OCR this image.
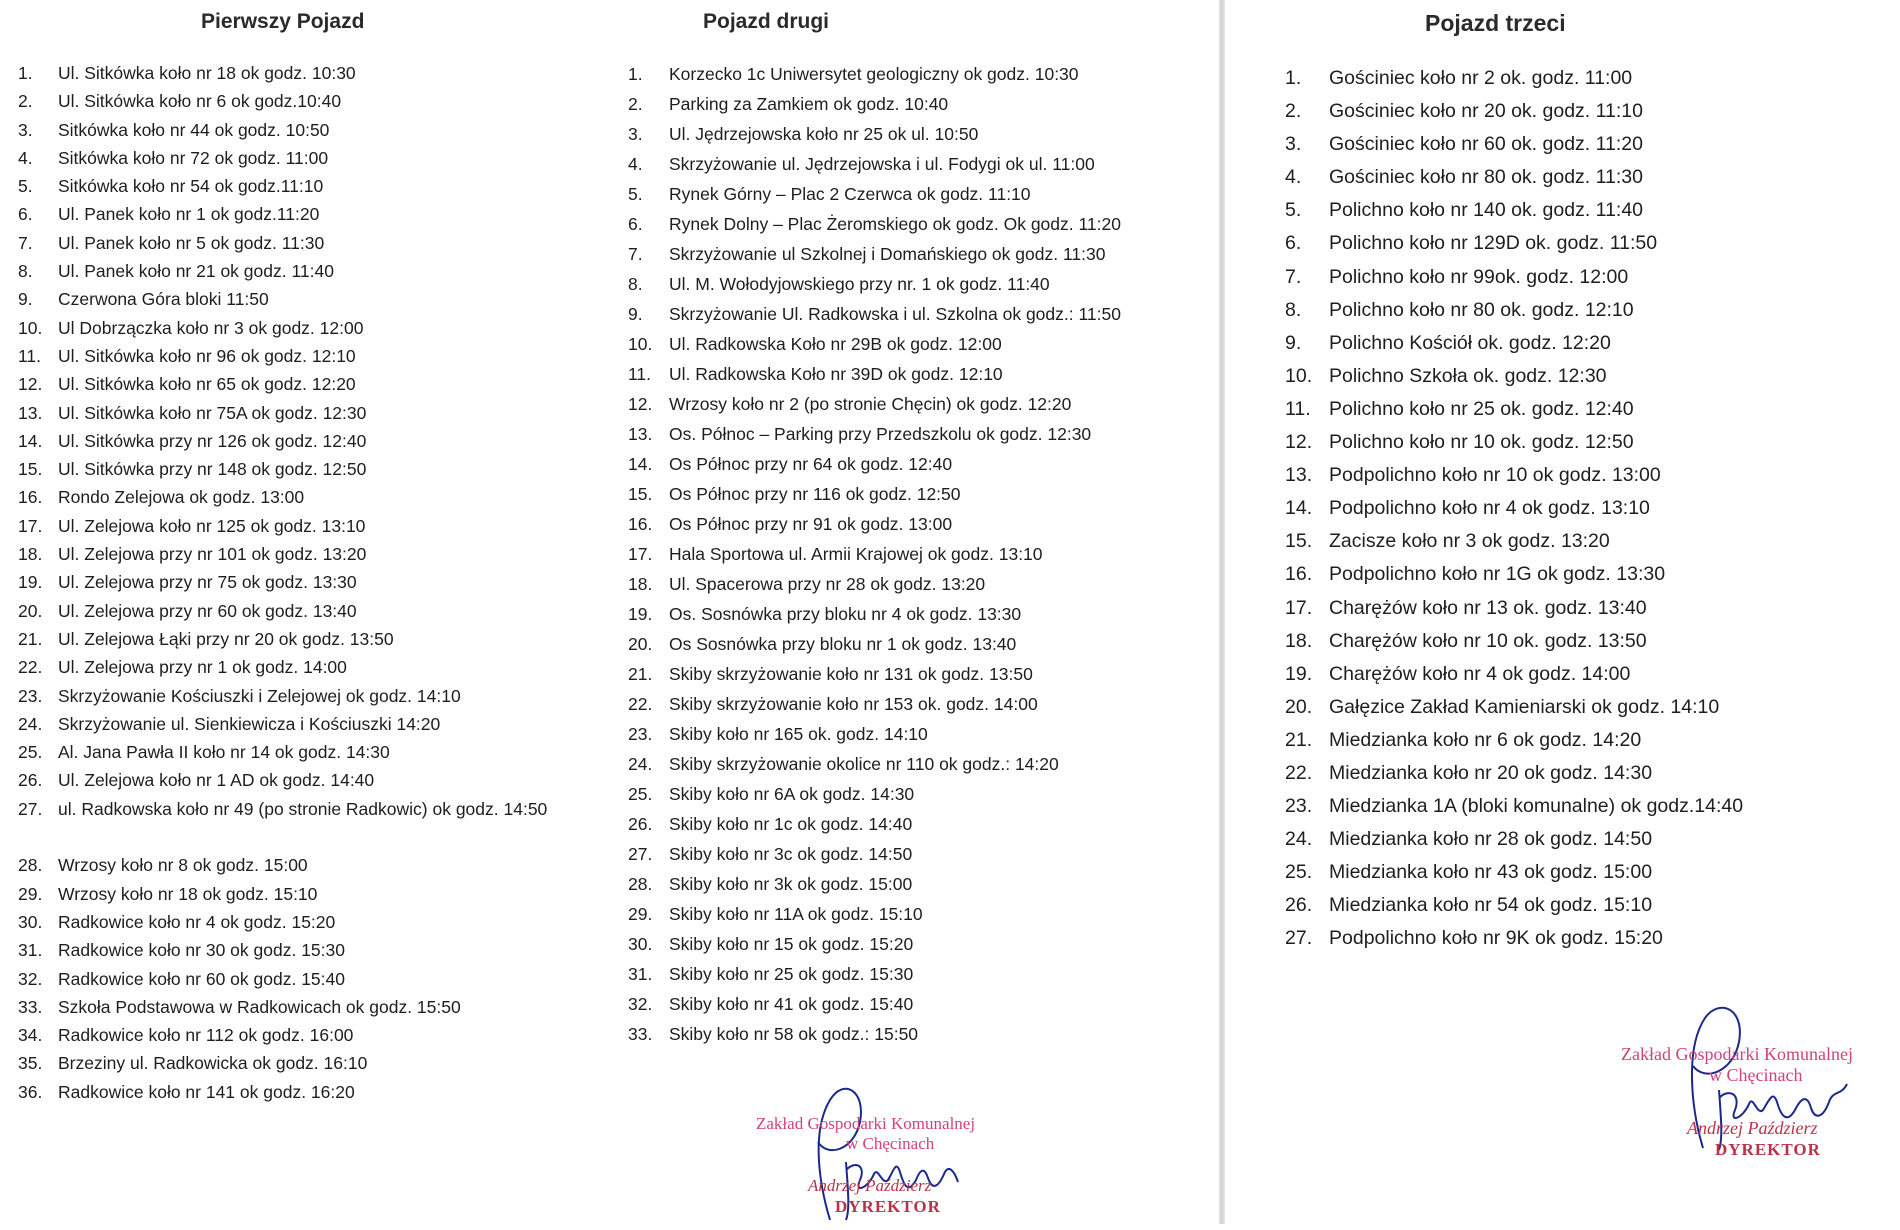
Pierwszy Pojazd
1.	Ul. Sitkówka koło nr 18 ok godz. 10:30
2.	Ul. Sitkówka koło nr 6 ok godz.10:40
3.	Sitkówka koło nr 44 ok godz. 10:50
4.	Sitkówka koło nr 72 ok godz. 11:00
5.	Sitkówka koło nr 54 ok godz.11:10
6.	Ul. Panek koło nr 1 ok godz.11:20
7.	Ul. Panek koło nr 5 ok godz. 11:30
8.	Ul. Panek koło nr 21 ok godz. 11:40
9.	Czerwona Góra bloki 11:50
10. Ul Dobrzączka koło nr 3 ok godz. 12:00
11. Ul. Sitkówka koło nr 96 ok godz. 12:10
12. Ul. Sitkówka koło nr 65 ok godz. 12:20
13. Ul. Sitkówka koło nr 75A ok godz. 12:30
14. Ul. Sitkówka przy nr 126 ok godz. 12:40
15. Ul. Sitkówka przy nr 148 ok godz. 12:50
16. Rondo Zelejowa ok godz. 13:00
17. Ul. Zelejowa koło nr 125 ok godz. 13:10
18. Ul. Zelejowa przy nr 101 ok godz. 13:20
19. Ul. Zelejowa przy nr 75 ok godz. 13:30
20. Ul. Zelejowa przy nr 60 ok godz. 13:40
21. Ul. Zelejowa Łąki przy nr 20 ok godz. 13:50
22. Ul. Zelejowa przy nr 1 ok godz. 14:00
23. Skrzyżowanie Kościuszki i Zelejowej ok godz. 14:10
24. Skrzyżowanie ul. Sienkiewicza i Kościuszki 14:20
25. Al. Jana Pawła II koło nr 14 ok godz. 14:30
26. Ul. Zelejowa koło nr 1 AD ok godz. 14:40
27. ul. Radkowska koło nr 49 (po stronie Radkowic) ok godz. 14:50
28. Wrzosy koło nr 8 ok godz. 15:00
29. Wrzosy koło nr 18 ok godz. 15:10
30. Radkowice koło nr 4 ok godz. 15:20
31. Radkowice koło nr 30 ok godz. 15:30
32. Radkowice koło nr 60 ok godz. 15:40
33. Szkoła Podstawowa w Radkowicach ok godz. 15:50
34. Radkowice koło nr 112 ok godz. 16:00
35. Brzeziny ul. Radkowicka ok godz. 16:10
36. Radkowice koło nr 141 ok godz. 16:20
Pojazd drugi
1.	Korzecko 1c Uniwersytet geologiczny ok godz. 10:30
2.	Parking za Zamkiem ok godz. 10:40
3.	Ul. Jędrzejowska koło nr 25 ok ul. 10:50
4.	Skrzyżowanie ul. Jędrzejowska i ul. Fodygi ok ul. 11:00
5.	Rynek Górny – Plac 2 Czerwca ok godz. 11:10
6.	Rynek Dolny – Plac Żeromskiego ok godz. Ok godz. 11:20
7.	Skrzyżowanie ul Szkolnej i Domańskiego ok godz. 11:30
8.	Ul. M. Wołodyjowskiego przy nr. 1 ok godz. 11:40
9.	Skrzyżowanie Ul. Radkowska i ul. Szkolna ok godz.: 11:50
10. Ul. Radkowska Koło nr 29B ok godz. 12:00
11.	Ul. Radkowska Koło nr 39D ok godz. 12:10
12. Wrzosy koło nr 2 (po stronie Chęcin) ok godz. 12:20
13. Os. Północ – Parking przy Przedszkolu ok godz. 12:30
14. Os Północ przy nr 64 ok godz. 12:40
15. Os Północ przy nr 116 ok godz. 12:50
16. Os Północ przy nr 91 ok godz. 13:00
17. Hala Sportowa ul. Armii Krajowej ok godz. 13:10
18. Ul. Spacerowa przy nr 28 ok godz. 13:20
19. Os. Sosnówka przy bloku nr 4 ok godz. 13:30
20. Os Sosnówka przy bloku nr 1 ok godz. 13:40
21. Skiby skrzyżowanie koło nr 131 ok godz. 13:50
22. Skiby skrzyżowanie koło nr 153 ok. godz. 14:00
23. Skiby koło nr 165 ok. godz. 14:10
24. Skiby skrzyżowanie okolice nr 110 ok godz.: 14:20
25. Skiby koło nr 6A ok godz. 14:30
26. Skiby koło nr 1c ok godz. 14:40
27. Skiby koło nr 3c ok godz. 14:50
28. Skiby koło nr 3k ok godz. 15:00
29. Skiby koło nr 11A ok godz. 15:10
30. Skiby koło nr 15 ok godz. 15:20
31. Skiby koło nr 25 ok godz. 15:30
32. Skiby koło nr 41 ok godz. 15:40
33. Skiby koło nr 58 ok godz.: 15:50
Zakład Gospodarki Komunalnej
w Chęcinach
Andrzej Paździerz
DYREKTOR
Pojazd trzeci
1.	Gościniec koło nr 2 ok. godz. 11:00
2.	Gościniec koło nr 20 ok. godz. 11:10
3.	Gościniec koło nr 60 ok. godz. 11:20
4.	Gościniec koło nr 80 ok. godz. 11:30
5.	Polichno koło nr 140 ok. godz. 11:40
6.	Polichno koło nr 129D ok. godz. 11:50
7.	Polichno koło nr 99ok. godz. 12:00
8.	Polichno koło nr 80 ok. godz. 12:10
9.	Polichno Kościół ok. godz. 12:20
10. Polichno Szkoła ok. godz. 12:30
11. Polichno koło nr 25 ok. godz. 12:40
12. Polichno koło nr 10 ok. godz. 12:50
13. Podpolichno koło nr 10 ok godz. 13:00
14. Podpolichno koło nr 4 ok godz. 13:10
15. Zacisze koło nr 3 ok godz. 13:20
16. Podpolichno koło nr 1G ok godz. 13:30
17. Charężów koło nr 13 ok. godz. 13:40
18. Charężów koło nr 10 ok. godz. 13:50
19. Charężów koło nr 4 ok godz. 14:00
20. Gałęzice Zakład Kamieniarski ok godz. 14:10
21. Miedzianka koło nr 6 ok godz. 14:20
22. Miedzianka koło nr 20 ok godz. 14:30
23. Miedzianka 1A (bloki komunalne) ok godz.14:40
24. Miedzianka koło nr 28 ok godz. 14:50
25. Miedzianka koło nr 43 ok godz. 15:00
26. Miedzianka koło nr 54 ok godz. 15:10
27. Podpolichno koło nr 9K ok godz. 15:20
Zakład Gospodarki Komunalnej
w Chęcinach
Andrzej Paździerz
DYREKTOR
